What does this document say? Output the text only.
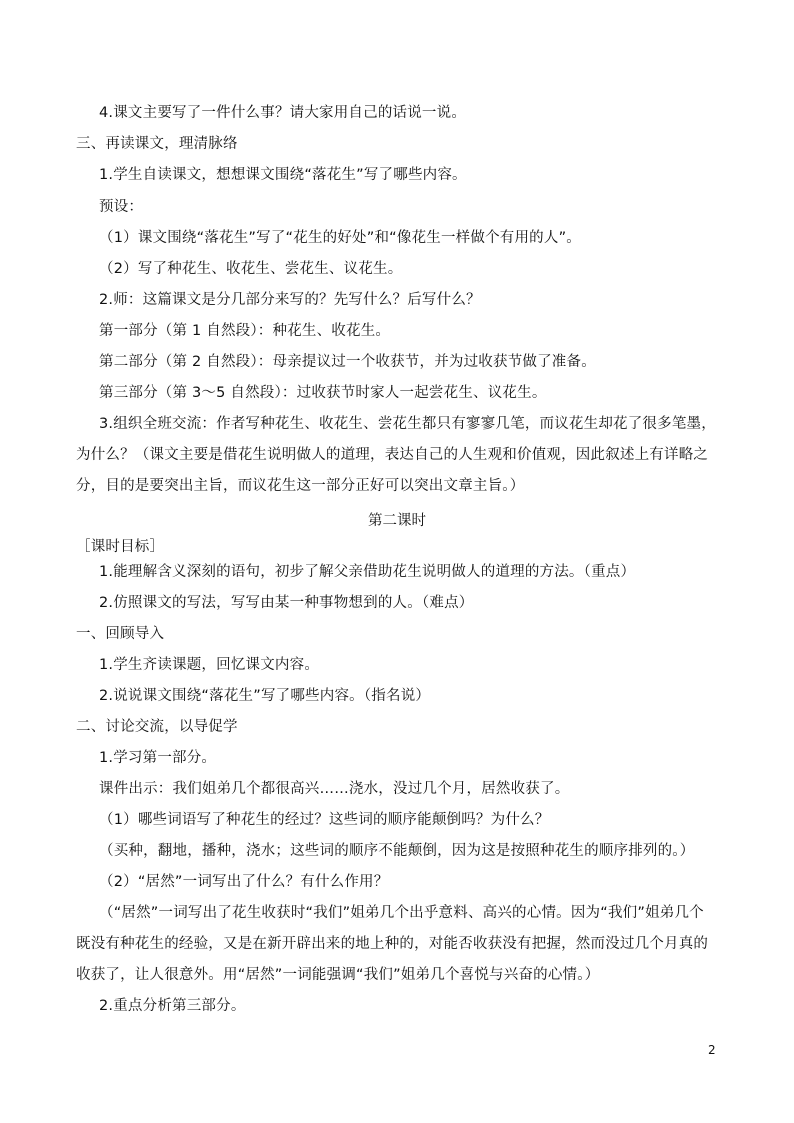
4.课文主要写了一件什么事？请大家用自己的话说一说。
三、再读课文，理清脉络
1.学生自读课文，想想课文围绕“落花生”写了哪些内容。
预设：
（1）课文围绕“落花生”写了“花生的好处”和“像花生一样做个有用的人”。
（2）写了种花生、收花生、尝花生、议花生。
2.师：这篇课文是分几部分来写的？先写什么？后写什么？
第一部分（第 1 自然段）：种花生、收花生。
第二部分（第 2 自然段）：母亲提议过一个收获节，并为过收获节做了准备。
第三部分（第 3～5 自然段）：过收获节时家人一起尝花生、议花生。
3.组织全班交流：作者写种花生、收花生、尝花生都只有寥寥几笔，而议花生却花了很多笔墨，为什么？（课文主要是借花生说明做人的道理，表达自己的人生观和价值观，因此叙述上有详略之分，目的是要突出主旨，而议花生这一部分正好可以突出文章主旨。）
第二课时
［课时目标］
1.能理解含义深刻的语句，初步了解父亲借助花生说明做人的道理的方法。（重点）
2.仿照课文的写法，写写由某一种事物想到的人。（难点）
一、回顾导入
1.学生齐读课题，回忆课文内容。
2.说说课文围绕“落花生”写了哪些内容。（指名说）
二、讨论交流，以导促学
1.学习第一部分。
课件出示：我们姐弟几个都很高兴……浇水，没过几个月，居然收获了。
（1）哪些词语写了种花生的经过？这些词的顺序能颠倒吗？为什么？
（买种，翻地，播种，浇水；这些词的顺序不能颠倒，因为这是按照种花生的顺序排列的。）
（2）“居然”一词写出了什么？有什么作用？
（“居然”一词写出了花生收获时“我们”姐弟几个出乎意料、高兴的心情。因为“我们”姐弟几个既没有种花生的经验，又是在新开辟出来的地上种的，对能否收获没有把握，然而没过几个月真的收获了，让人很意外。用“居然”一词能强调“我们”姐弟几个喜悦与兴奋的心情。）
2.重点分析第三部分。
2
